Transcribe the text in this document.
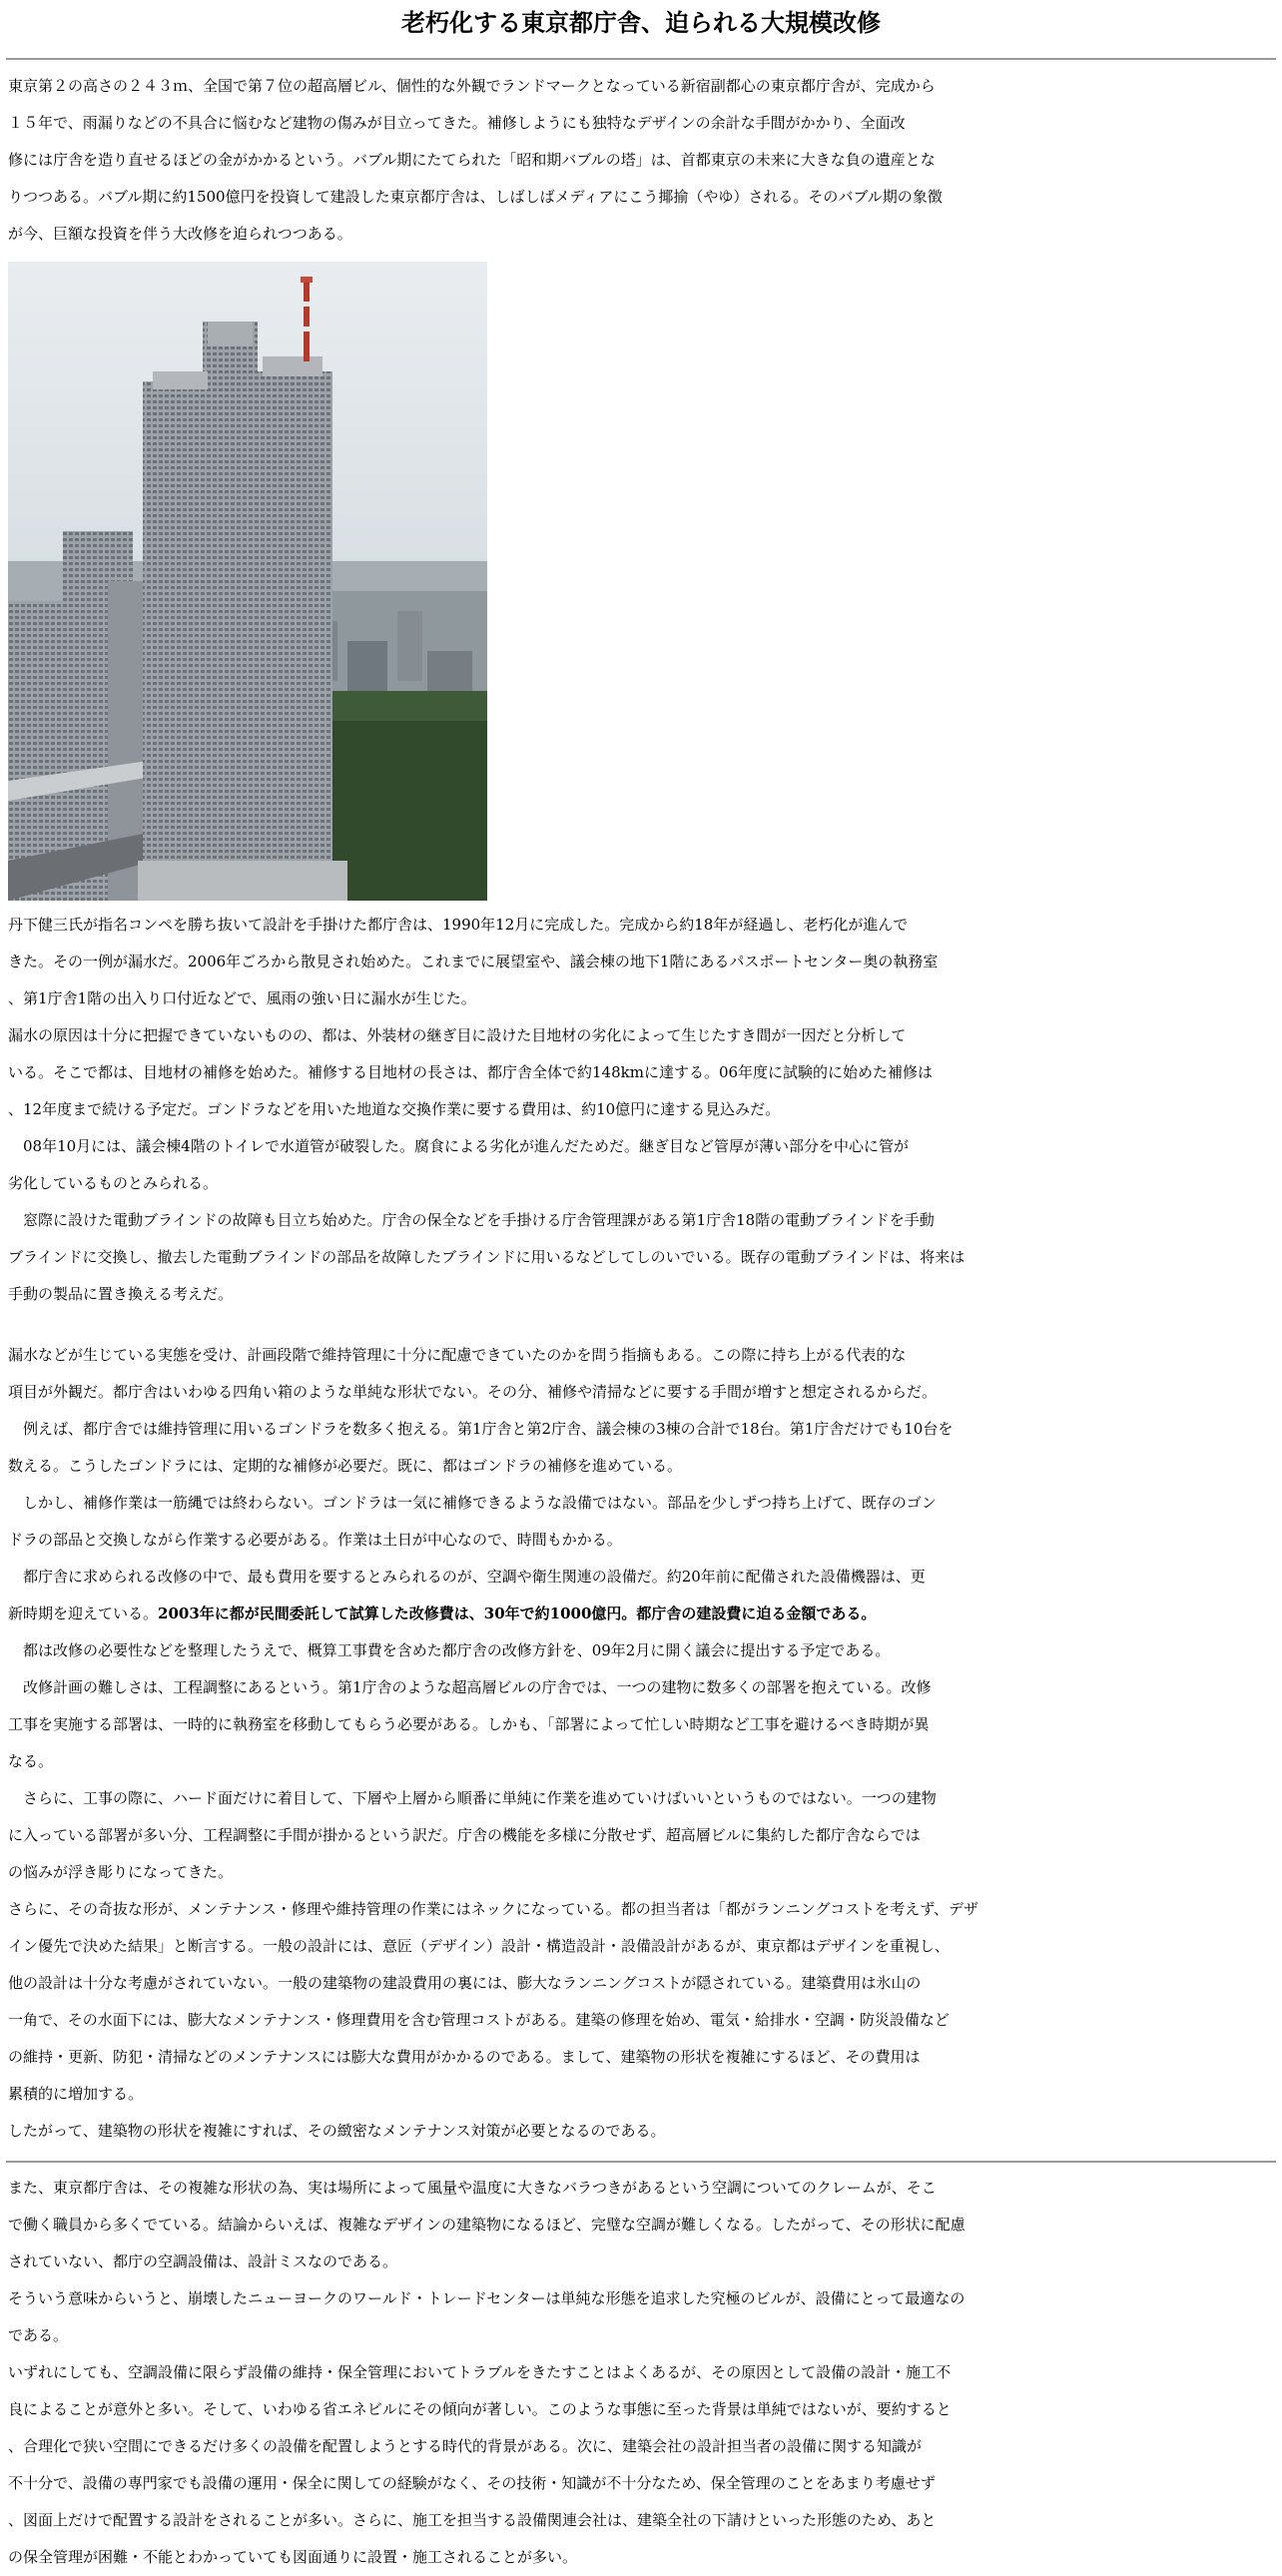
老朽化する東京都庁舎、迫られる大規模改修

東京第２の高さの２４３ｍ、全国で第７位の超高層ビル、個性的な外観でランドマークとなっている新宿副都心の東京都庁舎が、完成から

１５年で、雨漏りなどの不具合に悩むなど建物の傷みが目立ってきた。補修しようにも独特なデザインの余計な手間がかかり、全面改

修には庁舎を造り直せるほどの金がかかるという。バブル期にたてられた「昭和期バブルの塔」は、首都東京の未来に大きな負の遺産とな

りつつある。バブル期に約1500億円を投資して建設した東京都庁舎は、しばしばメディアにこう揶揄（やゆ）される。そのバブル期の象徴

が今、巨額な投資を伴う大改修を迫られつつある。

丹下健三氏が指名コンペを勝ち抜いて設計を手掛けた都庁舎は、1990年12月に完成した。完成から約18年が経過し、老朽化が進んで

きた。その一例が漏水だ。2006年ごろから散見され始めた。これまでに展望室や、議会棟の地下1階にあるパスポートセンター奥の執務室

、第1庁舎1階の出入り口付近などで、風雨の強い日に漏水が生じた。

漏水の原因は十分に把握できていないものの、都は、外装材の継ぎ目に設けた目地材の劣化によって生じたすき間が一因だと分析して

いる。そこで都は、目地材の補修を始めた。補修する目地材の長さは、都庁舎全体で約148kmに達する。06年度に試験的に始めた補修は

、12年度まで続ける予定だ。ゴンドラなどを用いた地道な交換作業に要する費用は、約10億円に達する見込みだ。

　08年10月には、議会棟4階のトイレで水道管が破裂した。腐食による劣化が進んだためだ。継ぎ目など管厚が薄い部分を中心に管が

劣化しているものとみられる。

　窓際に設けた電動ブラインドの故障も目立ち始めた。庁舎の保全などを手掛ける庁舎管理課がある第1庁舎18階の電動ブラインドを手動

ブラインドに交換し、撤去した電動ブラインドの部品を故障したブラインドに用いるなどしてしのいでいる。既存の電動ブラインドは、将来は

手動の製品に置き換える考えだ。

漏水などが生じている実態を受け、計画段階で維持管理に十分に配慮できていたのかを問う指摘もある。この際に持ち上がる代表的な

項目が外観だ。都庁舎はいわゆる四角い箱のような単純な形状でない。その分、補修や清掃などに要する手間が増すと想定されるからだ。

　例えば、都庁舎では維持管理に用いるゴンドラを数多く抱える。第1庁舎と第2庁舎、議会棟の3棟の合計で18台。第1庁舎だけでも10台を

数える。こうしたゴンドラには、定期的な補修が必要だ。既に、都はゴンドラの補修を進めている。

　しかし、補修作業は一筋縄では終わらない。ゴンドラは一気に補修できるような設備ではない。部品を少しずつ持ち上げて、既存のゴン

ドラの部品と交換しながら作業する必要がある。作業は土日が中心なので、時間もかかる。

　都庁舎に求められる改修の中で、最も費用を要するとみられるのが、空調や衛生関連の設備だ。約20年前に配備された設備機器は、更

新時期を迎えている。2003年に都が民間委託して試算した改修費は、30年で約1000億円。都庁舎の建設費に迫る金額である。

　都は改修の必要性などを整理したうえで、概算工事費を含めた都庁舎の改修方針を、09年2月に開く議会に提出する予定である。

　改修計画の難しさは、工程調整にあるという。第1庁舎のような超高層ビルの庁舎では、一つの建物に数多くの部署を抱えている。改修

工事を実施する部署は、一時的に執務室を移動してもらう必要がある。しかも、「部署によって忙しい時期など工事を避けるべき時期が異

なる。

　さらに、工事の際に、ハード面だけに着目して、下層や上層から順番に単純に作業を進めていけばいいというものではない。一つの建物

に入っている部署が多い分、工程調整に手間が掛かるという訳だ。庁舎の機能を多様に分散せず、超高層ビルに集約した都庁舎ならでは

の悩みが浮き彫りになってきた。

さらに、その奇抜な形が、メンテナンス・修理や維持管理の作業にはネックになっている。都の担当者は「都がランニングコストを考えず、デザ

イン優先で決めた結果」と断言する。一般の設計には、意匠（デザイン）設計・構造設計・設備設計があるが、東京都はデザインを重視し、

他の設計は十分な考慮がされていない。一般の建築物の建設費用の裏には、膨大なランニングコストが隠されている。建築費用は氷山の

一角で、その水面下には、膨大なメンテナンス・修理費用を含む管理コストがある。建築の修理を始め、電気・給排水・空調・防災設備など

の維持・更新、防犯・清掃などのメンテナンスには膨大な費用がかかるのである。まして、建築物の形状を複雑にするほど、その費用は

累積的に増加する。

したがって、建築物の形状を複雑にすれば、その緻密なメンテナンス対策が必要となるのである。

また、東京都庁舎は、その複雑な形状の為、実は場所によって風量や温度に大きなバラつきがあるという空調についてのクレームが、そこ

で働く職員から多くでている。結論からいえば、複雑なデザインの建築物になるほど、完璧な空調が難しくなる。したがって、その形状に配慮

されていない、都庁の空調設備は、設計ミスなのである。

そういう意味からいうと、崩壊したニューヨークのワールド・トレードセンターは単純な形態を追求した究極のビルが、設備にとって最適なの

である。

いずれにしても、空調設備に限らず設備の維持・保全管理においてトラブルをきたすことはよくあるが、その原因として設備の設計・施工不

良によることが意外と多い。そして、いわゆる省エネビルにその傾向が著しい。このような事態に至った背景は単純ではないが、要約すると

、合理化で狭い空間にできるだけ多くの設備を配置しようとする時代的背景がある。次に、建築会社の設計担当者の設備に関する知識が

不十分で、設備の専門家でも設備の運用・保全に関しての経験がなく、その技術・知識が不十分なため、保全管理のことをあまり考慮せず

、図面上だけで配置する設計をされることが多い。さらに、施工を担当する設備関連会社は、建築全社の下請けといった形態のため、あと

の保全管理が困難・不能とわかっていても図面通りに設置・施工されることが多い。
